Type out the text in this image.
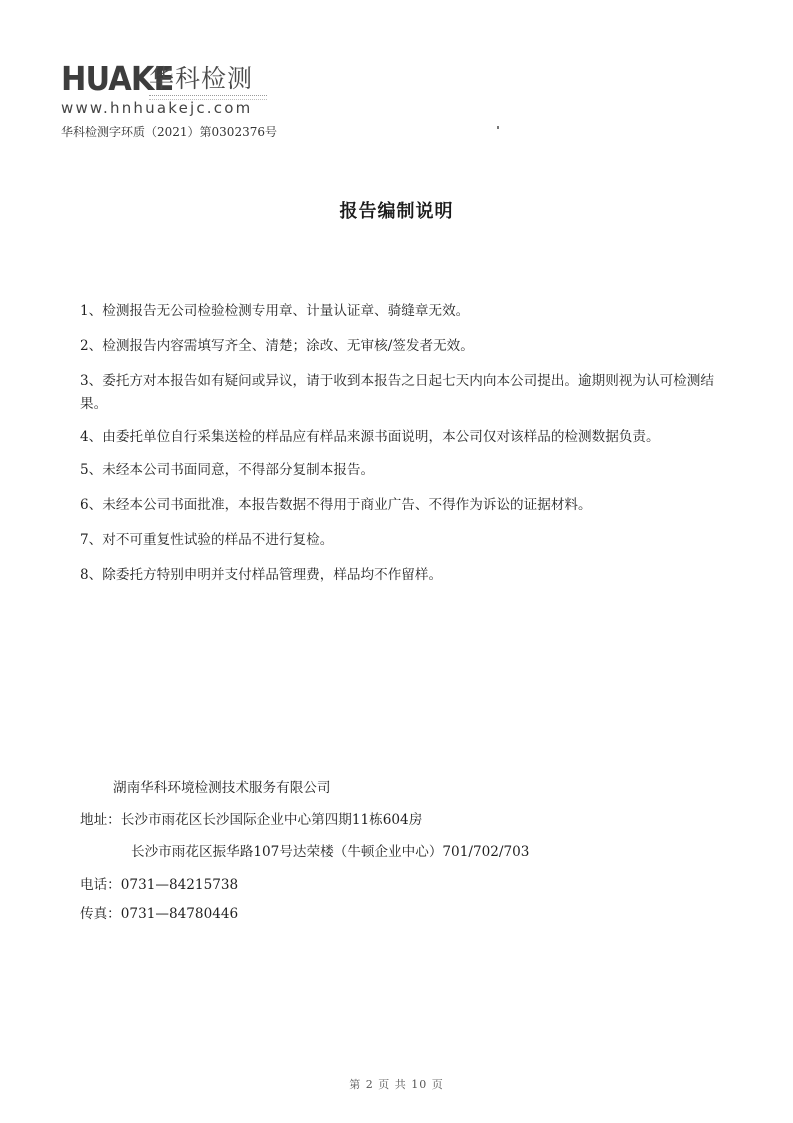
HUAKE
华科检测
www.hnhuakejc.com
华科检测字环质（2021）第0302376号
报告编制说明

1、检测报告无公司检验检测专用章、计量认证章、骑缝章无效。

2、检测报告内容需填写齐全、清楚；涂改、无审核/签发者无效。

3、委托方对本报告如有疑问或异议，请于收到本报告之日起七天内向本公司提出。逾期则视为认可检测结果。

4、由委托单位自行采集送检的样品应有样品来源书面说明，本公司仅对该样品的检测数据负责。

5、未经本公司书面同意，不得部分复制本报告。

6、未经本公司书面批准，本报告数据不得用于商业广告、不得作为诉讼的证据材料。

7、对不可重复性试验的样品不进行复检。

8、除委托方特别申明并支付样品管理费，样品均不作留样。

湖南华科环境检测技术服务有限公司
地址：长沙市雨花区长沙国际企业中心第四期11栋604房
长沙市雨花区振华路107号达荣楼（牛顿企业中心）701/702/703
电话：0731—84215738
传真：0731—84780446
第 2 页 共 10 页
